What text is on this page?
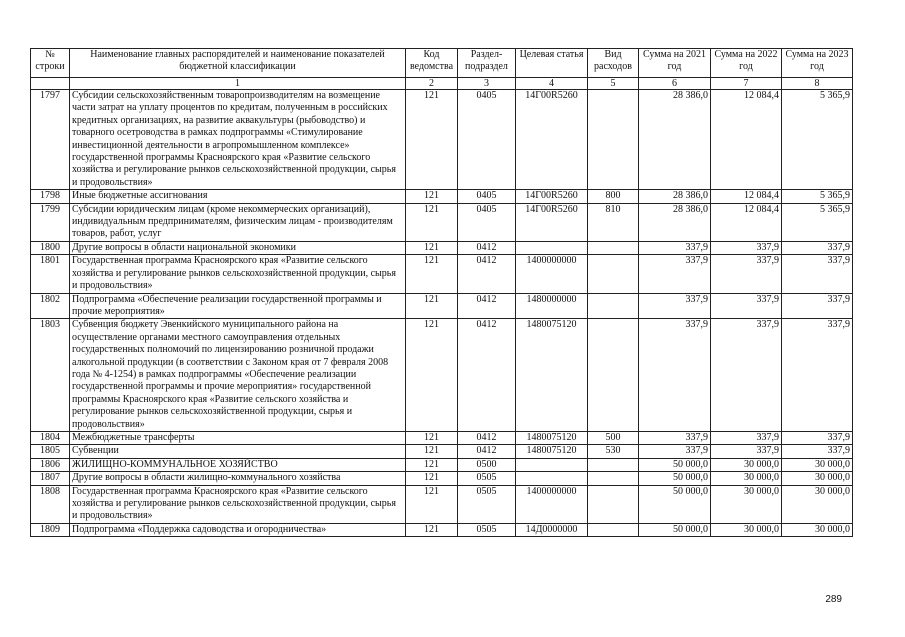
№ строки	Наименование главных распорядителей и наименование показателей бюджетной классификации	Код ведомства	Раздел-подраздел	Целевая статья	Вид расходов	Сумма на 2021 год	Сумма на 2022 год	Сумма на 2023 год
	1	2	3	4	5	6	7	8
1797	Субсидии сельскохозяйственным товаропроизводителям на возмещение части затрат на уплату процентов по кредитам, полученным в российских кредитных организациях, на развитие аквакультуры (рыбоводство) и товарного осетроводства в рамках подпрограммы «Стимулирование инвестиционной деятельности в агропромышленном комплексе» государственной программы Красноярского края «Развитие сельского хозяйства и регулирование рынков сельскохозяйственной продукции, сырья и продовольствия»	121	0405	14Г00R5260		28 386,0	12 084,4	5 365,9
1798	Иные бюджетные ассигнования	121	0405	14Г00R5260	800	28 386,0	12 084,4	5 365,9
1799	Субсидии юридическим лицам (кроме некоммерческих организаций), индивидуальным предпринимателям, физическим лицам - производителям товаров, работ, услуг	121	0405	14Г00R5260	810	28 386,0	12 084,4	5 365,9
1800	Другие вопросы в области национальной экономики	121	0412			337,9	337,9	337,9
1801	Государственная программа Красноярского края «Развитие сельского хозяйства и регулирование рынков сельскохозяйственной продукции, сырья и продовольствия»	121	0412	1400000000		337,9	337,9	337,9
1802	Подпрограмма «Обеспечение реализации государственной программы и прочие мероприятия»	121	0412	1480000000		337,9	337,9	337,9
1803	Субвенция бюджету Эвенкийского муниципального района на осуществление органами местного самоуправления отдельных государственных полномочий по лицензированию розничной продажи алкогольной продукции (в соответствии с Законом края от 7 февраля 2008 года № 4-1254) в рамках подпрограммы «Обеспечение реализации государственной программы и прочие мероприятия» государственной программы Красноярского края «Развитие сельского хозяйства и регулирование рынков сельскохозяйственной продукции, сырья и продовольствия»	121	0412	1480075120		337,9	337,9	337,9
1804	Межбюджетные трансферты	121	0412	1480075120	500	337,9	337,9	337,9
1805	Субвенции	121	0412	1480075120	530	337,9	337,9	337,9
1806	ЖИЛИЩНО-КОММУНАЛЬНОЕ ХОЗЯЙСТВО	121	0500			50 000,0	30 000,0	30 000,0
1807	Другие вопросы в области жилищно-коммунального хозяйства	121	0505			50 000,0	30 000,0	30 000,0
1808	Государственная программа Красноярского края «Развитие сельского хозяйства и регулирование рынков сельскохозяйственной продукции, сырья и продовольствия»	121	0505	1400000000		50 000,0	30 000,0	30 000,0
1809	Подпрограмма «Поддержка садоводства и огородничества»	121	0505	14Д0000000		50 000,0	30 000,0	30 000,0
289
